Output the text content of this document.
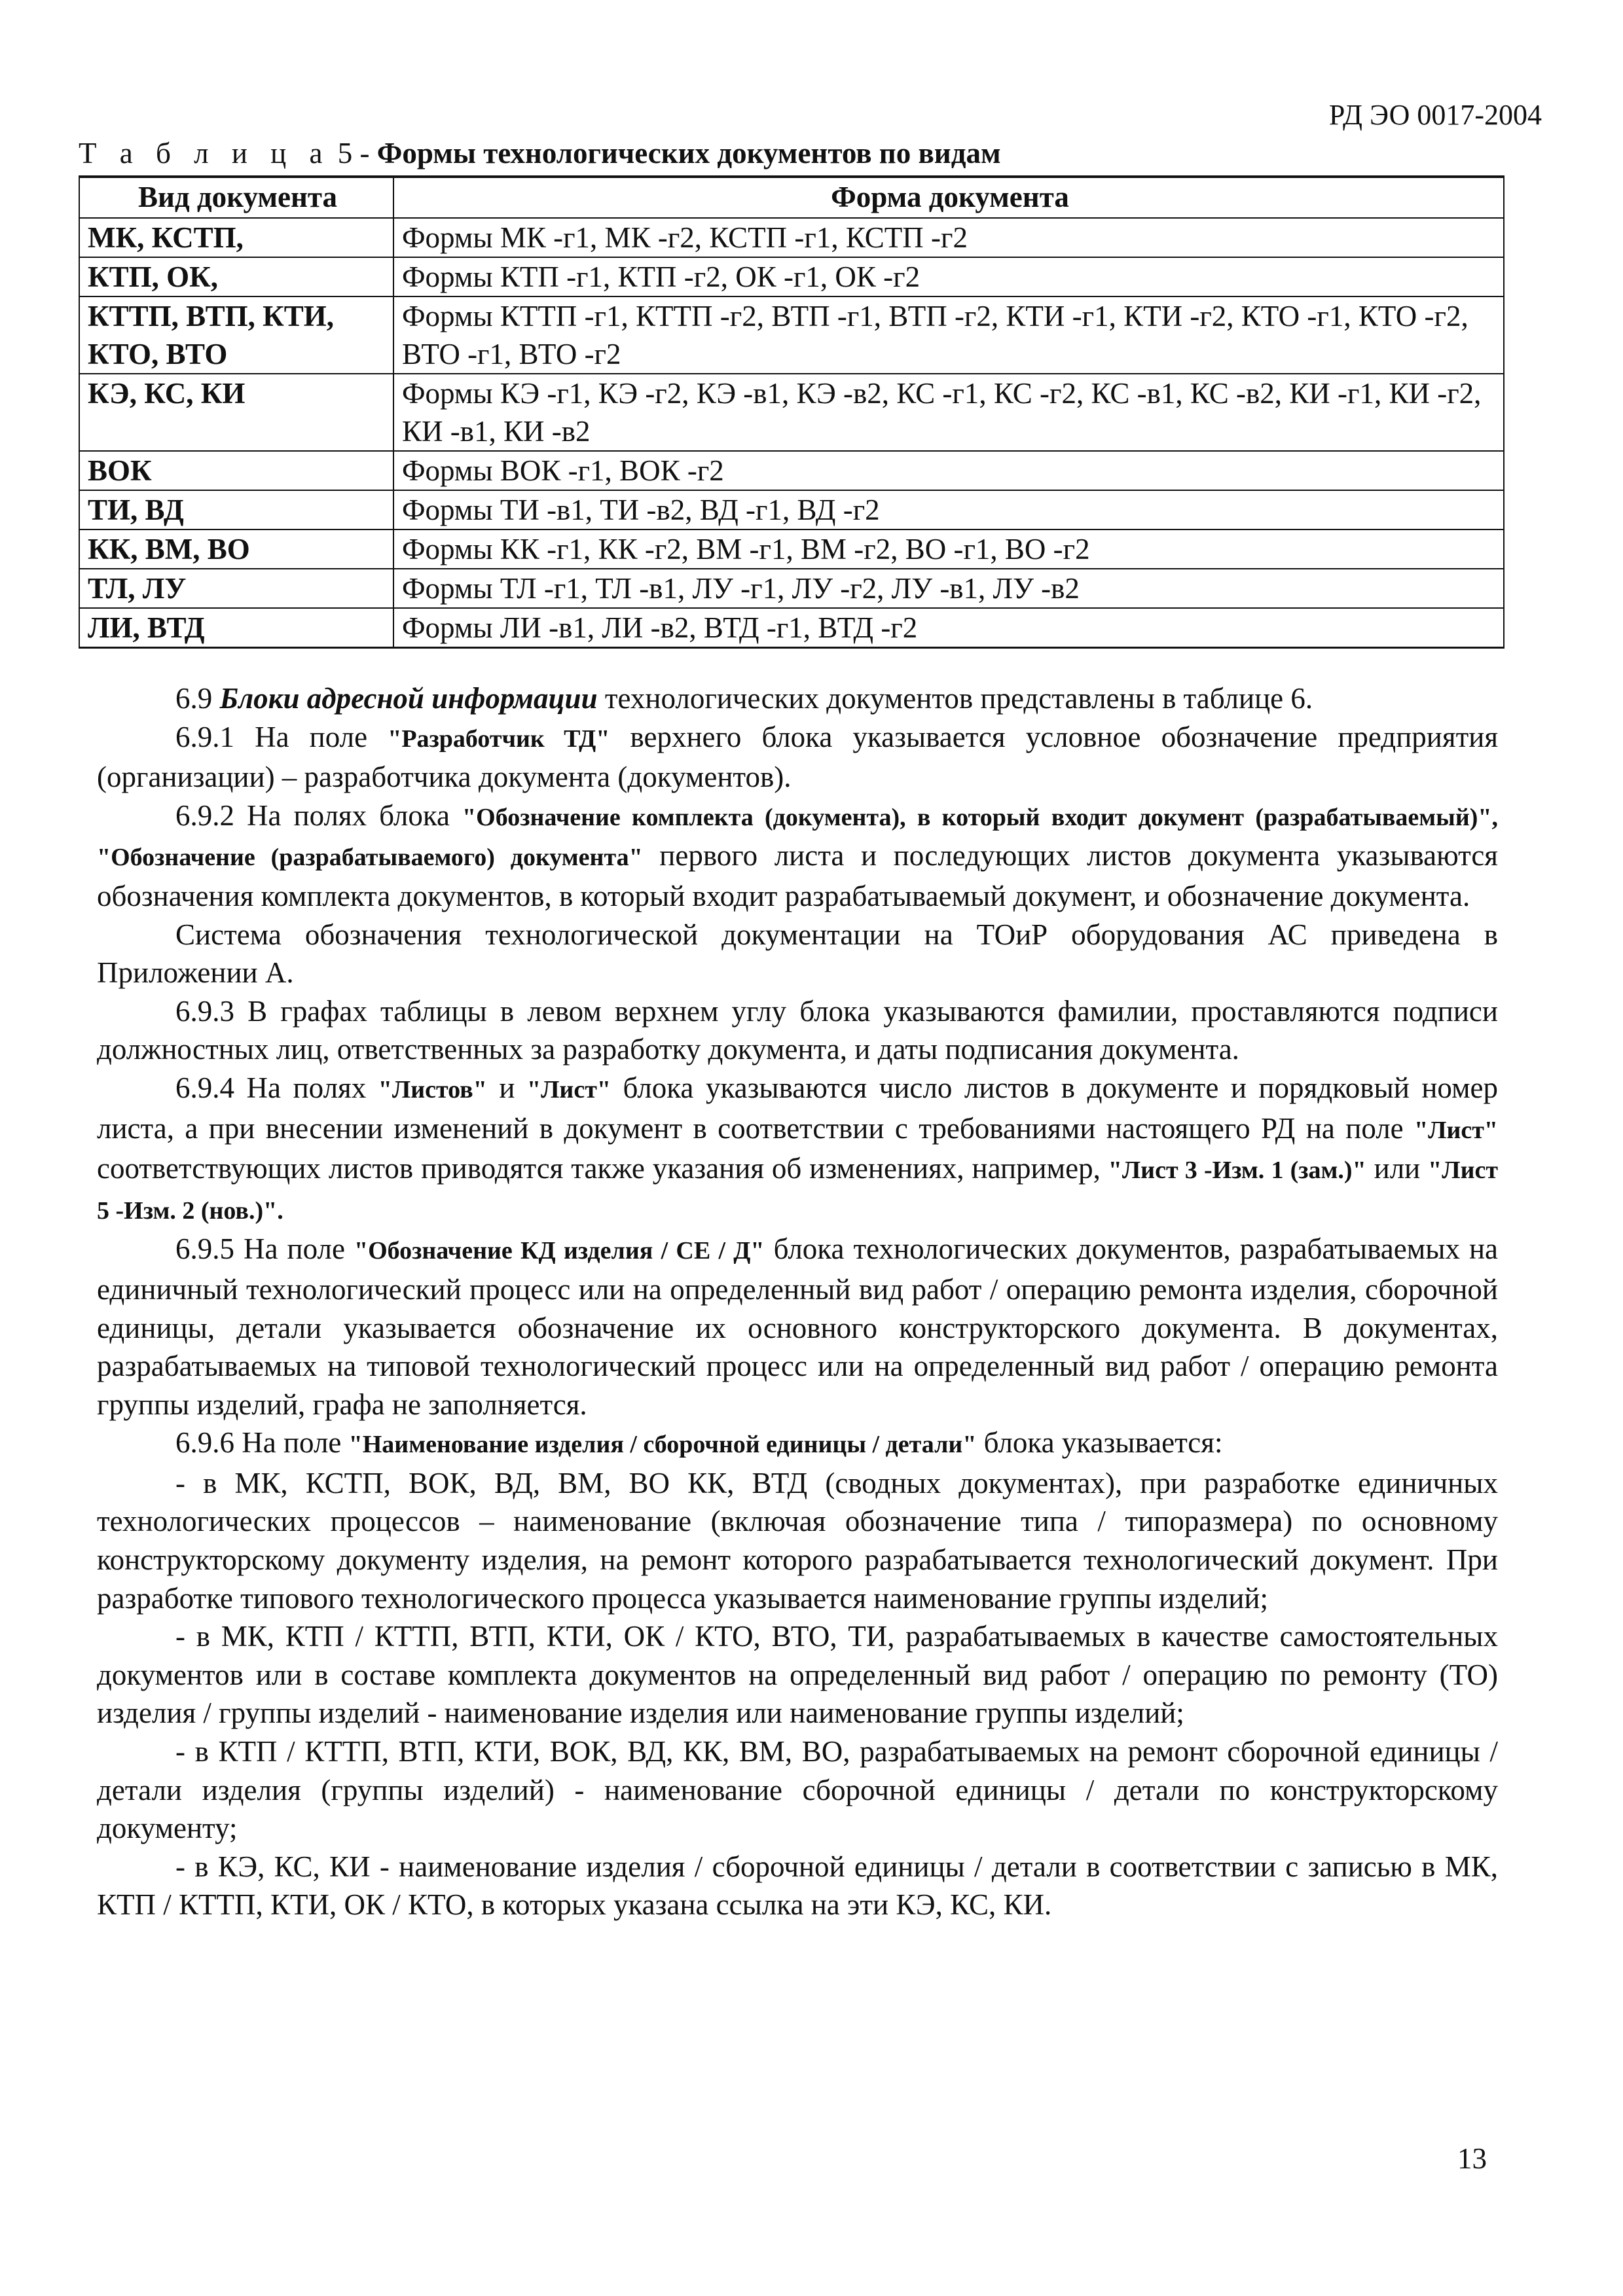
РД ЭО 0017-2004
Т а б л и ц а 5 - Формы технологических документов по видам
Вид документа	Форма документа
МК, КСТП,	Формы МК -г1, МК -г2, КСТП -г1, КСТП -г2
КТП, ОК,	Формы КТП -г1, КТП -г2, ОК -г1, ОК -г2
КТТП, ВТП, КТИ, КТО, ВТО	Формы КТТП -г1, КТТП -г2, ВТП -г1, ВТП -г2, КТИ -г1, КТИ -г2, КТО -г1, КТО -г2, ВТО -г1, ВТО -г2
КЭ, КС, КИ	Формы КЭ -г1, КЭ -г2, КЭ -в1, КЭ -в2, КС -г1, КС -г2, КС -в1, КС -в2, КИ -г1, КИ -г2, КИ -в1, КИ -в2
ВОК	Формы ВОК -г1, ВОК -г2
ТИ, ВД	Формы ТИ -в1, ТИ -в2, ВД -г1, ВД -г2
КК, ВМ, ВО	Формы КК -г1, КК -г2, ВМ -г1, ВМ -г2, ВО -г1, ВО -г2
ТЛ, ЛУ	Формы ТЛ -г1, ТЛ -в1, ЛУ -г1, ЛУ -г2, ЛУ -в1, ЛУ -в2
ЛИ, ВТД	Формы ЛИ -в1, ЛИ -в2, ВТД -г1, ВТД -г2

6.9 Блоки адресной информации технологических документов представлены в таблице 6.

6.9.1 На поле "Разработчик ТД" верхнего блока указывается условное обозначение предприятия (организации) – разработчика документа (документов).

6.9.2 На полях блока "Обозначение комплекта (документа), в который входит документ (разрабатываемый)", "Обозначение (разрабатываемого) документа" первого листа и последующих листов документа указываются обозначения комплекта документов, в который входит разрабатываемый документ, и обозначение документа.

Система обозначения технологической документации на ТОиР оборудования АС приведена в Приложении А.

6.9.3 В графах таблицы в левом верхнем углу блока указываются фамилии, проставляются подписи должностных лиц, ответственных за разработку документа, и даты подписания документа.

6.9.4 На полях "Листов" и "Лист" блока указываются число листов в документе и порядковый номер листа, а при внесении изменений в документ в соответствии с требованиями настоящего РД на поле "Лист" соответствующих листов приводятся также указания об изменениях, например, "Лист 3 -Изм. 1 (зам.)" или "Лист 5 -Изм. 2 (нов.)".

6.9.5 На поле "Обозначение КД изделия / СЕ / Д" блока технологических документов, разрабатываемых на единичный технологический процесс или на определенный вид работ / операцию ремонта изделия, сборочной единицы, детали указывается обозначение их основного конструкторского документа. В документах, разрабатываемых на типовой технологический процесс или на определенный вид работ / операцию ремонта группы изделий, графа не заполняется.

6.9.6 На поле "Наименование изделия / сборочной единицы / детали" блока указывается:

- в МК, КСТП, ВОК, ВД, ВМ, ВО КК, ВТД (сводных документах), при разработке единичных технологических процессов – наименование (включая обозначение типа / типоразмера) по основному конструкторскому документу изделия, на ремонт которого разрабатывается технологический документ. При разработке типового технологического процесса указывается наименование группы изделий;

- в МК, КТП / КТТП, ВТП, КТИ, ОК / КТО, ВТО, ТИ, разрабатываемых в качестве самостоятельных документов или в составе комплекта документов на определенный вид работ / операцию по ремонту (ТО) изделия / группы изделий - наименование изделия или наименование группы изделий;

- в КТП / КТТП, ВТП, КТИ, ВОК, ВД, КК, ВМ, ВО, разрабатываемых на ремонт сборочной единицы / детали изделия (группы изделий) - наименование сборочной единицы / детали по конструкторскому документу;

- в КЭ, КС, КИ - наименование изделия / сборочной единицы / детали в соответствии с записью в МК, КТП / КТТП, КТИ, ОК / КТО, в которых указана ссылка на эти КЭ, КС, КИ.

13
